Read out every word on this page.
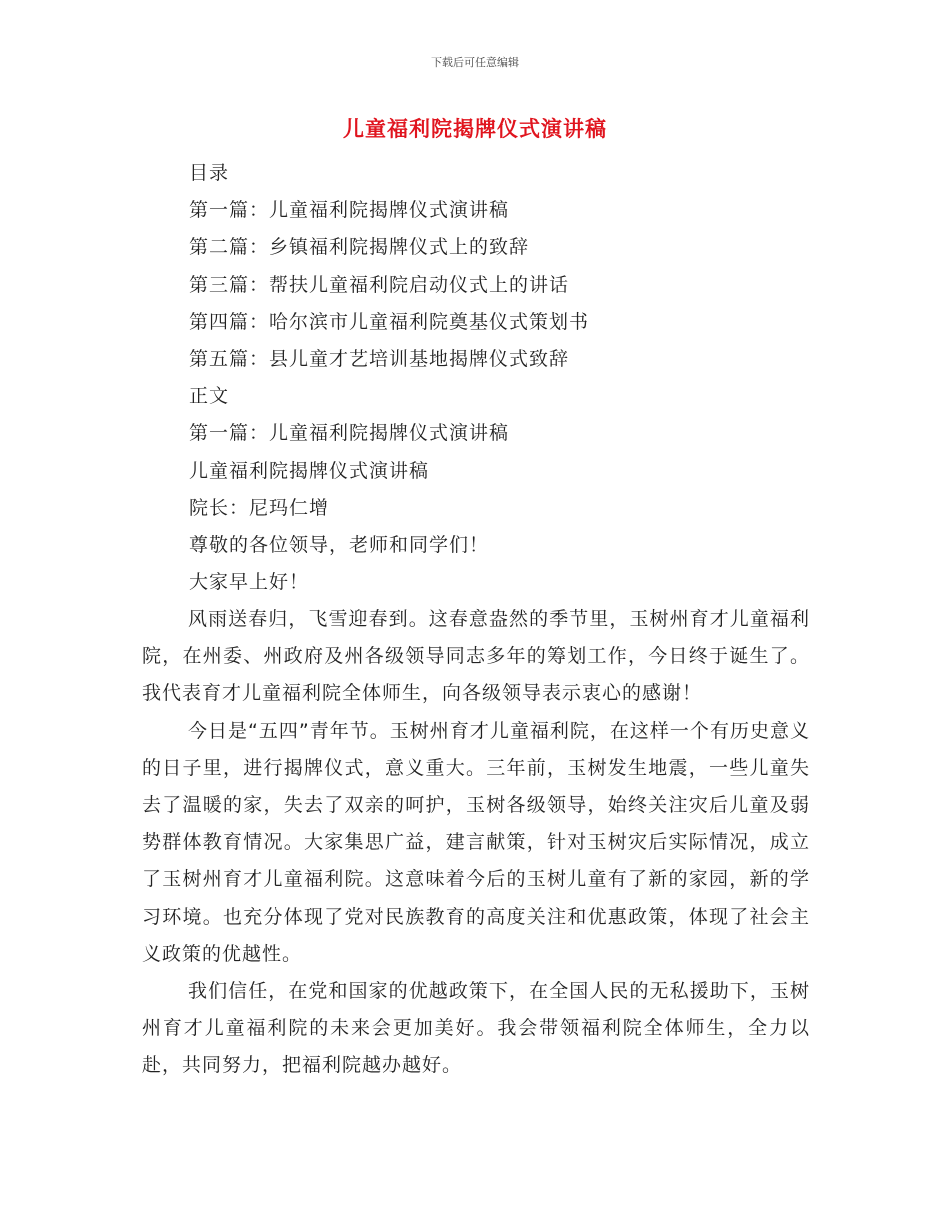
下载后可任意编辑
儿童福利院揭牌仪式演讲稿
目录
第一篇：儿童福利院揭牌仪式演讲稿
第二篇：乡镇福利院揭牌仪式上的致辞
第三篇：帮扶儿童福利院启动仪式上的讲话
第四篇：哈尔滨市儿童福利院奠基仪式策划书
第五篇：县儿童才艺培训基地揭牌仪式致辞
正文
第一篇：儿童福利院揭牌仪式演讲稿
儿童福利院揭牌仪式演讲稿
院长：尼玛仁增
尊敬的各位领导，老师和同学们！
大家早上好！

风雨送春归，飞雪迎春到。这春意盎然的季节里，玉树州育才儿童福利院，在州委、州政府及州各级领导同志多年的筹划工作，今日终于诞生了。我代表育才儿童福利院全体师生，向各级领导表示衷心的感谢！

今日是“五四”青年节。玉树州育才儿童福利院，在这样一个有历史意义的日子里，进行揭牌仪式，意义重大。三年前，玉树发生地震，一些儿童失去了温暖的家，失去了双亲的呵护，玉树各级领导，始终关注灾后儿童及弱势群体教育情况。大家集思广益，建言献策，针对玉树灾后实际情况，成立了玉树州育才儿童福利院。这意味着今后的玉树儿童有了新的家园，新的学习环境。也充分体现了党对民族教育的高度关注和优惠政策，体现了社会主义政策的优越性。

我们信任，在党和国家的优越政策下，在全国人民的无私援助下，玉树州育才儿童福利院的未来会更加美好。我会带领福利院全体师生，全力以赴，共同努力，把福利院越办越好。
